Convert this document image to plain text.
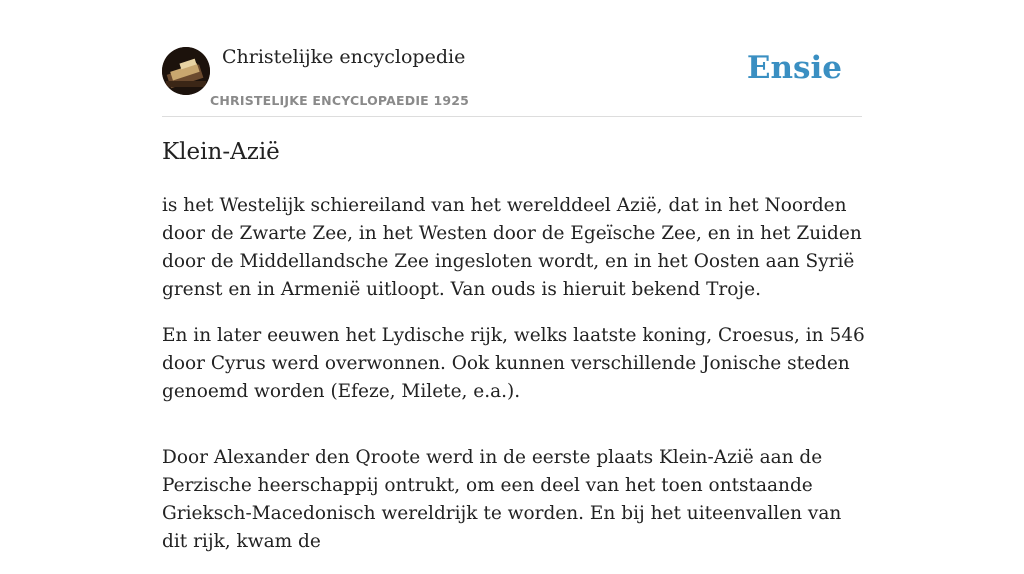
Christelijke encyclopedie
CHRISTELIJKE ENCYCLOPAEDIE 1925
Ensie
Klein-Azië

is het Westelijk schiereiland van het werelddeel Azië, dat in het Noorden door de Zwarte Zee, in het Westen door de Egeïsche Zee, en in het Zuiden door de Middellandsche Zee ingesloten wordt, en in het Oosten aan Syrië grenst en in Armenië uitloopt. Van ouds is hieruit bekend Troje.

En in later eeuwen het Lydische rijk, welks laatste koning, Croesus, in 546 door Cyrus werd overwonnen. Ook kunnen verschillende Jonische steden genoemd worden (Efeze, Milete, e.a.).

Door Alexander den Qroote werd in de eerste plaats Klein-Azië aan de Perzische heerschappij ontrukt, om een deel van het toen ontstaande Grieksch-Macedonisch wereldrijk te worden. En bij het uiteenvallen van dit rijk, kwam de
